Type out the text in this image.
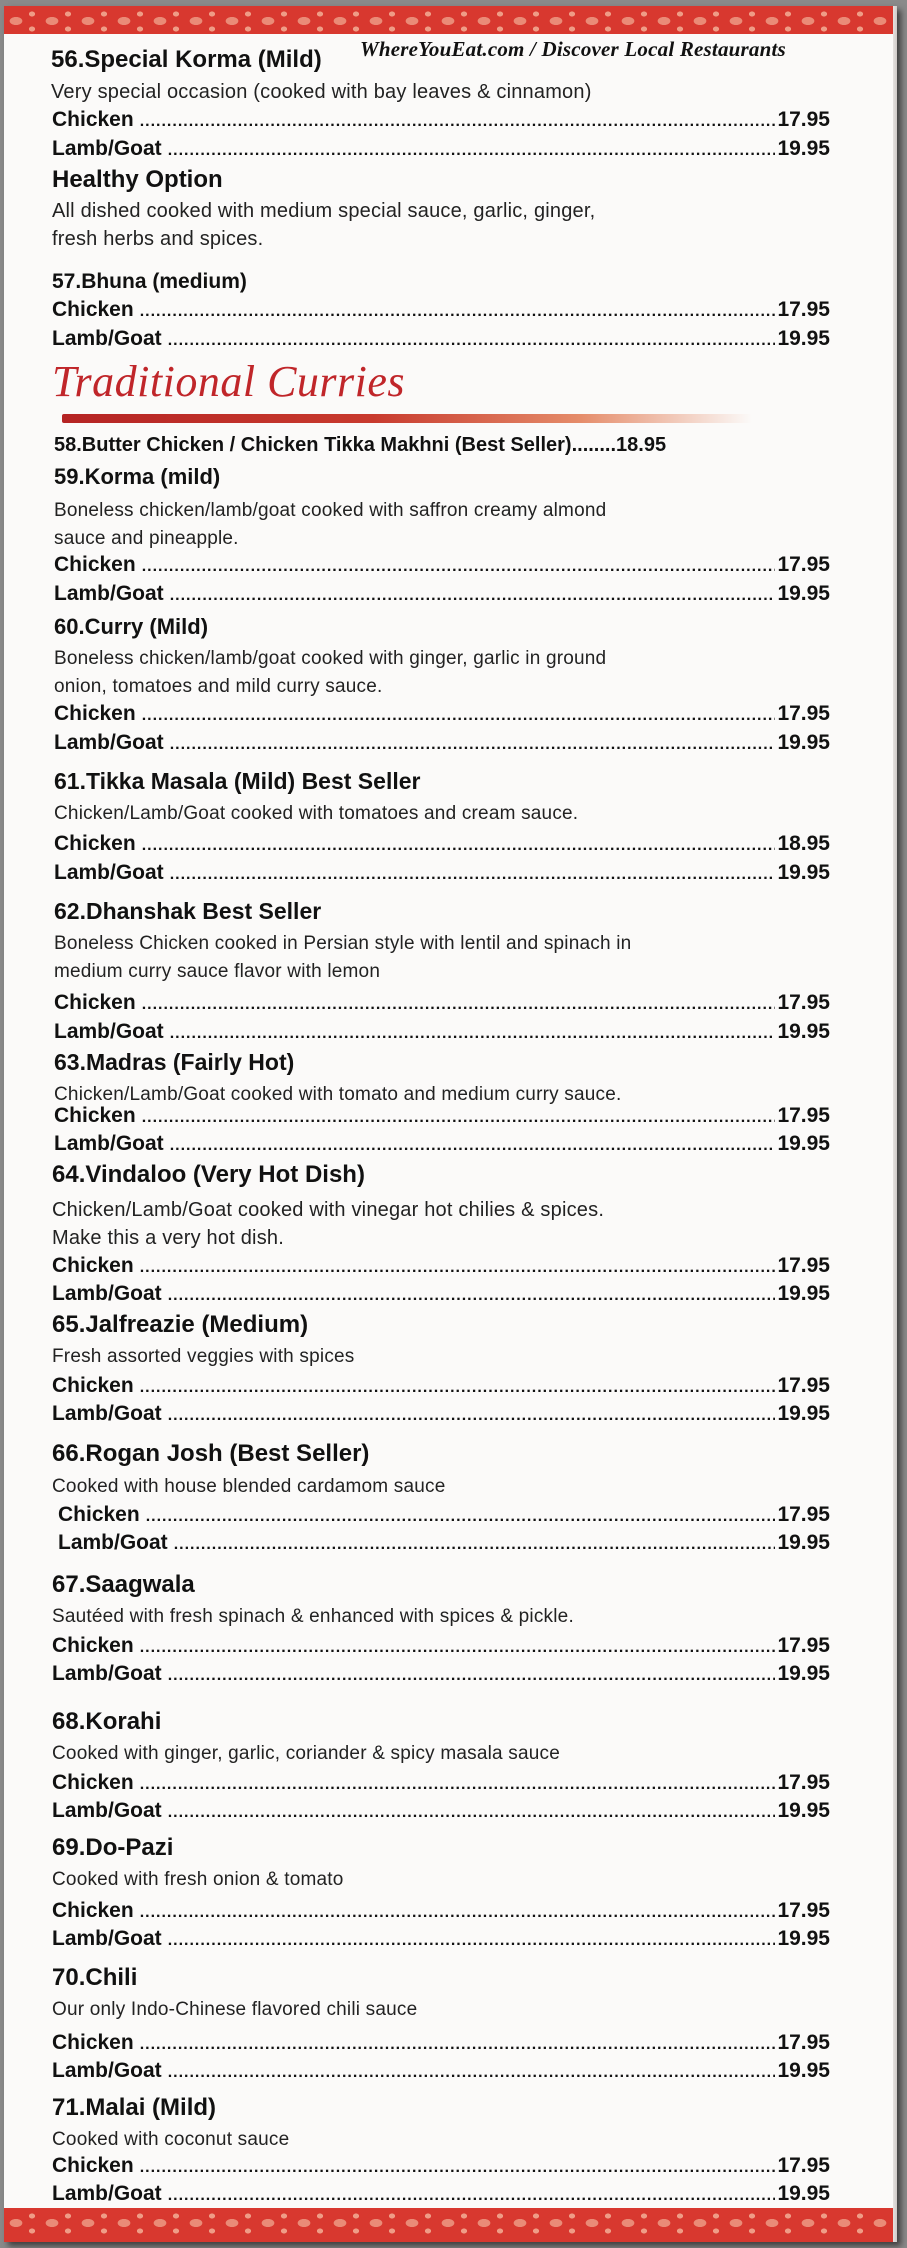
56.Special Korma (Mild)
Very special occasion (cooked with bay leaves & cinnamon)
Chicken .....	17.95
Lamb/Goat .....	19.95
Healthy Option
All dished cooked with medium special sauce, garlic, ginger,
fresh herbs and spices.
57.Bhuna (medium)
Chicken .....	17.95
Lamb/Goat .....	19.95
Traditional Curries
58.Butter Chicken / Chicken Tikka Makhni (Best Seller)........18.95
59.Korma (mild)
Boneless chicken/lamb/goat cooked with saffron creamy almond
sauce and pineapple.
Chicken .....	17.95
Lamb/Goat .....	19.95
60.Curry (Mild)
Boneless chicken/lamb/goat cooked with ginger, garlic in ground
onion, tomatoes and mild curry sauce.
Chicken .....	17.95
Lamb/Goat .....	19.95
61.Tikka Masala (Mild) Best Seller
Chicken/Lamb/Goat cooked with tomatoes and cream sauce.
Chicken .....	18.95
Lamb/Goat .....	19.95
62.Dhanshak Best Seller
Boneless Chicken cooked in Persian style with lentil and spinach in
medium curry sauce flavor with lemon
Chicken .....	17.95
Lamb/Goat .....	19.95
63.Madras (Fairly Hot)
Chicken/Lamb/Goat cooked with tomato and medium curry sauce.
Chicken .....	17.95
Lamb/Goat .....	19.95
64.Vindaloo (Very Hot Dish)
Chicken/Lamb/Goat cooked with vinegar hot chilies & spices.
Make this a very hot dish.
Chicken .....	17.95
Lamb/Goat .....	19.95
65.Jalfreazie (Medium)
Fresh assorted veggies with spices
Chicken .....	17.95
Lamb/Goat .....	19.95
66.Rogan Josh (Best Seller)
Cooked with house blended cardamom sauce
Chicken .....	17.95
Lamb/Goat .....	19.95
67.Saagwala
Sautéed with fresh spinach & enhanced with spices & pickle.
Chicken .....	17.95
Lamb/Goat .....	19.95
68.Korahi
Cooked with ginger, garlic, coriander & spicy masala sauce
Chicken .....	17.95
Lamb/Goat .....	19.95
69.Do-Pazi
Cooked with fresh onion & tomato
Chicken .....	17.95
Lamb/Goat .....	19.95
70.Chili
Our only Indo-Chinese flavored chili sauce
Chicken .....	17.95
Lamb/Goat .....	19.95
71.Malai (Mild)
Cooked with coconut sauce
Chicken .....	17.95
Lamb/Goat .....	19.95
WhereYouEat.com / Discover Local Restaurants
